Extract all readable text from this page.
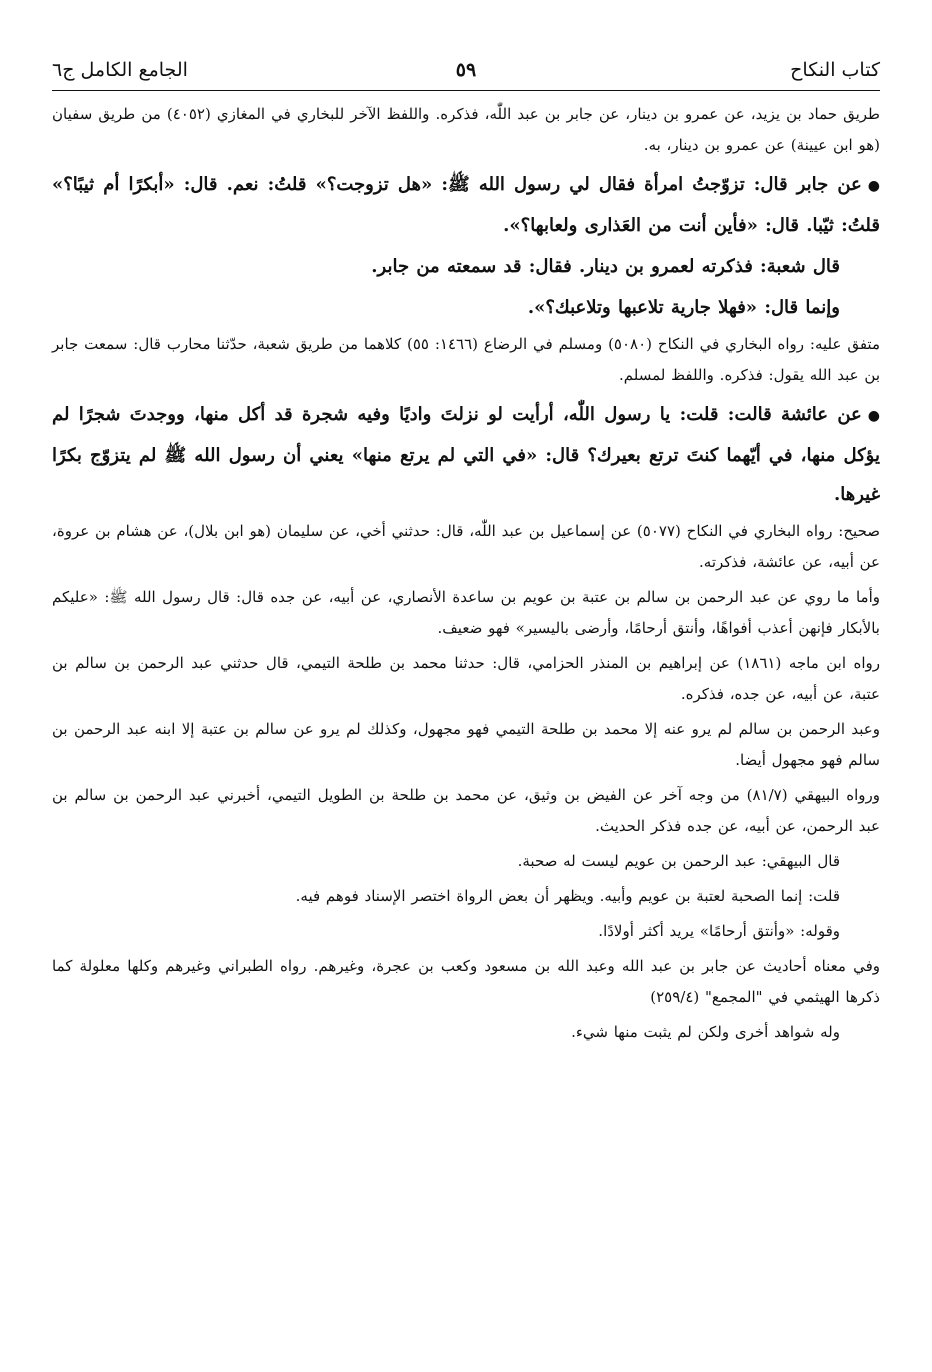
كتاب النكاح
٥٩
الجامع الكامل ج٦

طريق حماد بن يزيد، عن عمرو بن دينار، عن جابر بن عبد اللّٰه، فذكره. واللفظ الآخر للبخاري في المغازي (٤٠٥٢) من طريق سفيان (هو ابن عيينة) عن عمرو بن دينار، به.

●عن جابر قال: تزوّجتُ امرأة فقال لي رسول الله ﷺ: «هل تزوجت؟» قلتُ: نعم. قال: «أبكرًا أم ثيبًا؟» قلتُ: ثيّبا. قال: «فأين أنت من العَذارى ولعابها؟».

قال شعبة: فذكرته لعمرو بن دينار. فقال: قد سمعته من جابر.

وإنما قال: «فهلا جارية تلاعبها وتلاعبك؟».

متفق عليه: رواه البخاري في النكاح (٥٠٨٠) ومسلم في الرضاع (١٤٦٦: ٥٥) كلاهما من طريق شعبة، حدّثنا محارب قال: سمعت جابر بن عبد الله يقول: فذكره. واللفظ لمسلم.

●عن عائشة قالت: قلت: يا رسول اللّٰه، أرأيت لو نزلتَ واديًا وفيه شجرة قد أكل منها، ووجدتَ شجرًا لم يؤكل منها، في أيّهما كنتَ ترتع بعيرك؟ قال: «في التي لم يرتع منها» يعني أن رسول الله ﷺ لم يتزوّج بكرًا غيرها.

صحيح: رواه البخاري في النكاح (٥٠٧٧) عن إسماعيل بن عبد اللّٰه، قال: حدثني أخي، عن سليمان (هو ابن بلال)، عن هشام بن عروة، عن أبيه، عن عائشة، فذكرته.

وأما ما روي عن عبد الرحمن بن سالم بن عتبة بن عويم بن ساعدة الأنصاري، عن أبيه، عن جده قال: قال رسول الله ﷺ: «عليكم بالأبكار فإنهن أعذب أفواهًا، وأنتق أرحامًا، وأرضى باليسير» فهو ضعيف.

رواه ابن ماجه (١٨٦١) عن إبراهيم بن المنذر الحزامي، قال: حدثنا محمد بن طلحة التيمي، قال حدثني عبد الرحمن بن سالم بن عتبة، عن أبيه، عن جده، فذكره.

وعبد الرحمن بن سالم لم يرو عنه إلا محمد بن طلحة التيمي فهو مجهول، وكذلك لم يرو عن سالم بن عتبة إلا ابنه عبد الرحمن بن سالم فهو مجهول أيضا.

ورواه البيهقي (٨١/٧) من وجه آخر عن الفيض بن وثيق، عن محمد بن طلحة بن الطويل التيمي، أخبرني عبد الرحمن بن سالم بن عبد الرحمن، عن أبيه، عن جده فذكر الحديث.

قال البيهقي: عبد الرحمن بن عويم ليست له صحبة.

قلت: إنما الصحبة لعتبة بن عويم وأبيه. ويظهر أن بعض الرواة اختصر الإسناد فوهم فيه.

وقوله: «وأنتق أرحامًا» يريد أكثر أولادًا.

وفي معناه أحاديث عن جابر بن عبد الله وعبد الله بن مسعود وكعب بن عجرة، وغيرهم. رواه الطبراني وغيرهم وكلها معلولة كما ذكرها الهيثمي في "المجمع" (٢٥٩/٤)

وله شواهد أخرى ولكن لم يثبت منها شيء.
